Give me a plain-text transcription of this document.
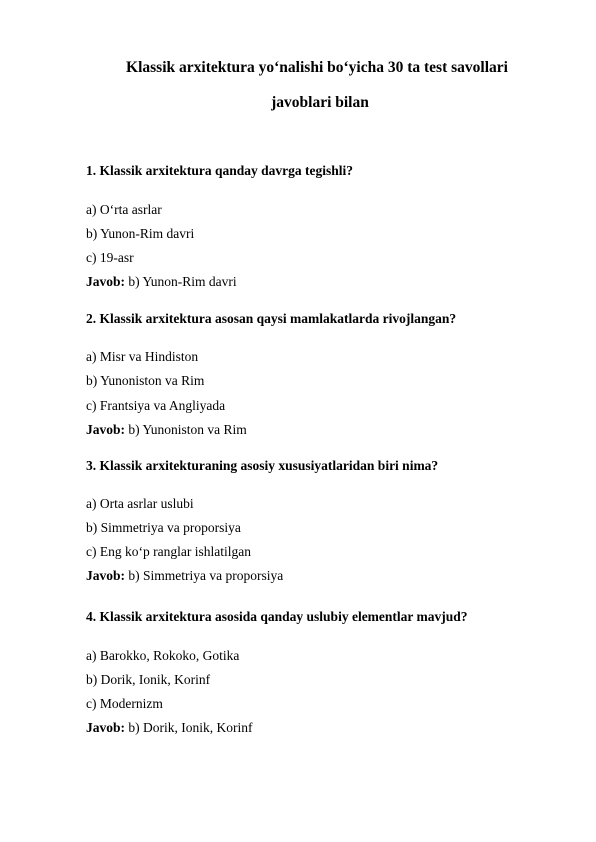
Klassik arxitektura yo‘nalishi bo‘yicha 30 ta test savollari
javoblari bilan

1. Klassik arxitektura qanday davrga tegishli?

a) O‘rta asrlar

b) Yunon-Rim davri

c) 19-asr

Javob: b) Yunon-Rim davri

2. Klassik arxitektura asosan qaysi mamlakatlarda rivojlangan?

a) Misr va Hindiston

b) Yunoniston va Rim

c) Frantsiya va Angliyada

Javob: b) Yunoniston va Rim

3. Klassik arxitekturaning asosiy xususiyatlaridan biri nima?

a) Orta asrlar uslubi

b) Simmetriya va proporsiya

c) Eng ko‘p ranglar ishlatilgan

Javob: b) Simmetriya va proporsiya

4. Klassik arxitektura asosida qanday uslubiy elementlar mavjud?

a) Barokko, Rokoko, Gotika

b) Dorik, Ionik, Korinf

c) Modernizm

Javob: b) Dorik, Ionik, Korinf
